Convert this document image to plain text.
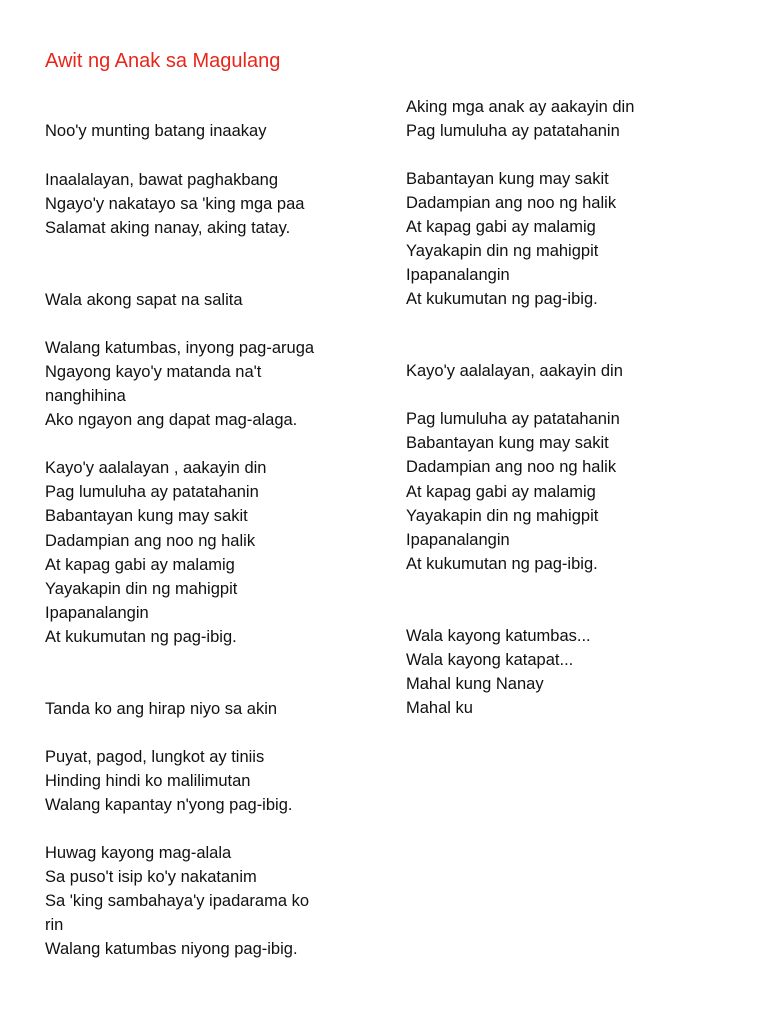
Awit ng Anak sa Magulang
Noo'y munting batang inaakay
Inaalalayan, bawat paghakbang
Ngayo'y nakatayo sa 'king mga paa
Salamat aking nanay, aking tatay.
Wala akong sapat na salita
Walang katumbas, inyong pag-aruga
Ngayong kayo'y matanda na't
nanghihina
Ako ngayon ang dapat mag-alaga.
Kayo'y aalalayan , aakayin din
Pag lumuluha ay patatahanin
Babantayan kung may sakit
Dadampian ang noo ng halik
At kapag gabi ay malamig
Yayakapin din ng mahigpit
Ipapanalangin
At kukumutan ng pag-ibig.
Tanda ko ang hirap niyo sa akin
Puyat, pagod, lungkot ay tiniis
Hinding hindi ko malilimutan
Walang kapantay n'yong pag-ibig.
Huwag kayong mag-alala
Sa puso't isip ko'y nakatanim
Sa 'king sambahaya'y ipadarama ko
rin
Walang katumbas niyong pag-ibig.
Aking mga anak ay aakayin din
Pag lumuluha ay patatahanin
Babantayan kung may sakit
Dadampian ang noo ng halik
At kapag gabi ay malamig
Yayakapin din ng mahigpit
Ipapanalangin
At kukumutan ng pag-ibig.
Kayo'y aalalayan, aakayin din
Pag lumuluha ay patatahanin
Babantayan kung may sakit
Dadampian ang noo ng halik
At kapag gabi ay malamig
Yayakapin din ng mahigpit
Ipapanalangin
At kukumutan ng pag-ibig.
Wala kayong katumbas...
Wala kayong katapat...
Mahal kung Nanay
Mahal ku
